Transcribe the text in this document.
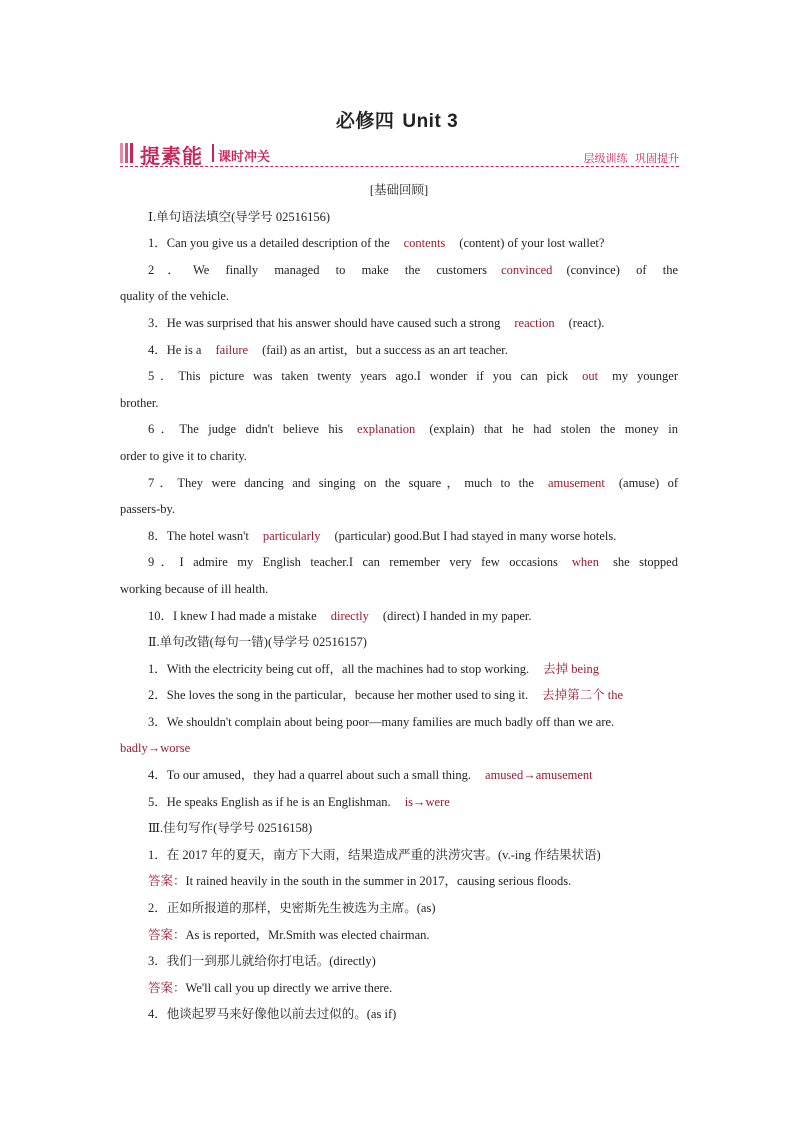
必修四 Unit 3
提素能 课时冲关	层级训练 巩固提升
[基础回顾]
Ⅰ.单句语法填空(导学号 02516156)
1．Can you give us a detailed description of the contents (content) of your lost wallet?
2．We finally managed to make the customers convinced (convince) of the
quality of the vehicle.
3．He was surprised that his answer should have caused such a strong reaction (react).
4．He is a failure (fail) as an artist，but a success as an art teacher.
5．This picture was taken twenty years ago.I wonder if you can pick out my younger
brother.
6．The judge didn't believe his explanation (explain) that he had stolen the money in
order to give it to charity.
7．They were dancing and singing on the square，much to the amusement (amuse) of
passers-by.
8．The hotel wasn't particularly (particular) good.But I had stayed in many worse hotels.
9．I admire my English teacher.I can remember very few occasions when she stopped
working because of ill health.
10．I knew I had made a mistake directly (direct) I handed in my paper.
Ⅱ.单句改错(每句一错)(导学号 02516157)
1．With the electricity being cut off，all the machines had to stop working. 去掉 being
2．She loves the song in the particular，because her mother used to sing it. 去掉第二个 the
3．We shouldn't complain about being poor—many families are much badly off than we are.
badly→worse
4．To our amused，they had a quarrel about such a small thing. amused→amusement
5．He speaks English as if he is an Englishman. is→were
Ⅲ.佳句写作(导学号 02516158)
1．在 2017 年的夏天，南方下大雨，结果造成严重的洪涝灾害。(v.-ing 作结果状语)
答案：It rained heavily in the south in the summer in 2017，causing serious floods.
2．正如所报道的那样，史密斯先生被选为主席。(as)
答案：As is reported，Mr.Smith was elected chairman.
3．我们一到那儿就给你打电话。(directly)
答案：We'll call you up directly we arrive there.
4．他谈起罗马来好像他以前去过似的。(as if)
